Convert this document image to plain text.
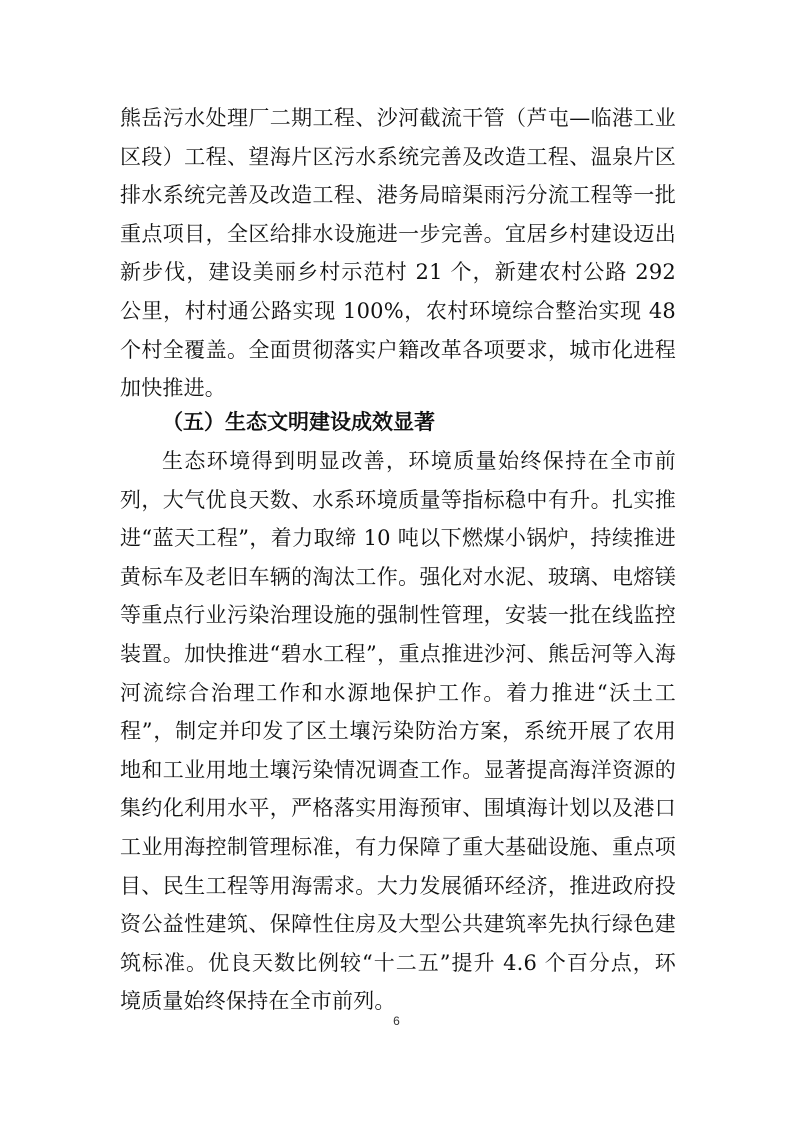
熊岳污水处理厂二期工程、沙河截流干管（芦屯—临港工业区段）工程、望海片区污水系统完善及改造工程、温泉片区排水系统完善及改造工程、港务局暗渠雨污分流工程等一批重点项目，全区给排水设施进一步完善。宜居乡村建设迈出新步伐，建设美丽乡村示范村 21 个，新建农村公路 292 公里，村村通公路实现 100%，农村环境综合整治实现 48 个村全覆盖。全面贯彻落实户籍改革各项要求，城市化进程加快推进。

（五）生态文明建设成效显著

生态环境得到明显改善，环境质量始终保持在全市前列，大气优良天数、水系环境质量等指标稳中有升。扎实推进“蓝天工程”，着力取缔 10 吨以下燃煤小锅炉，持续推进黄标车及老旧车辆的淘汰工作。强化对水泥、玻璃、电熔镁等重点行业污染治理设施的强制性管理，安装一批在线监控装置。加快推进“碧水工程”，重点推进沙河、熊岳河等入海河流综合治理工作和水源地保护工作。着力推进“沃土工程”，制定并印发了区土壤污染防治方案，系统开展了农用地和工业用地土壤污染情况调查工作。显著提高海洋资源的集约化利用水平，严格落实用海预审、围填海计划以及港口工业用海控制管理标准，有力保障了重大基础设施、重点项目、民生工程等用海需求。大力发展循环经济，推进政府投资公益性建筑、保障性住房及大型公共建筑率先执行绿色建筑标准。优良天数比例较“十二五”提升 4.6 个百分点，环境质量始终保持在全市前列。

6
